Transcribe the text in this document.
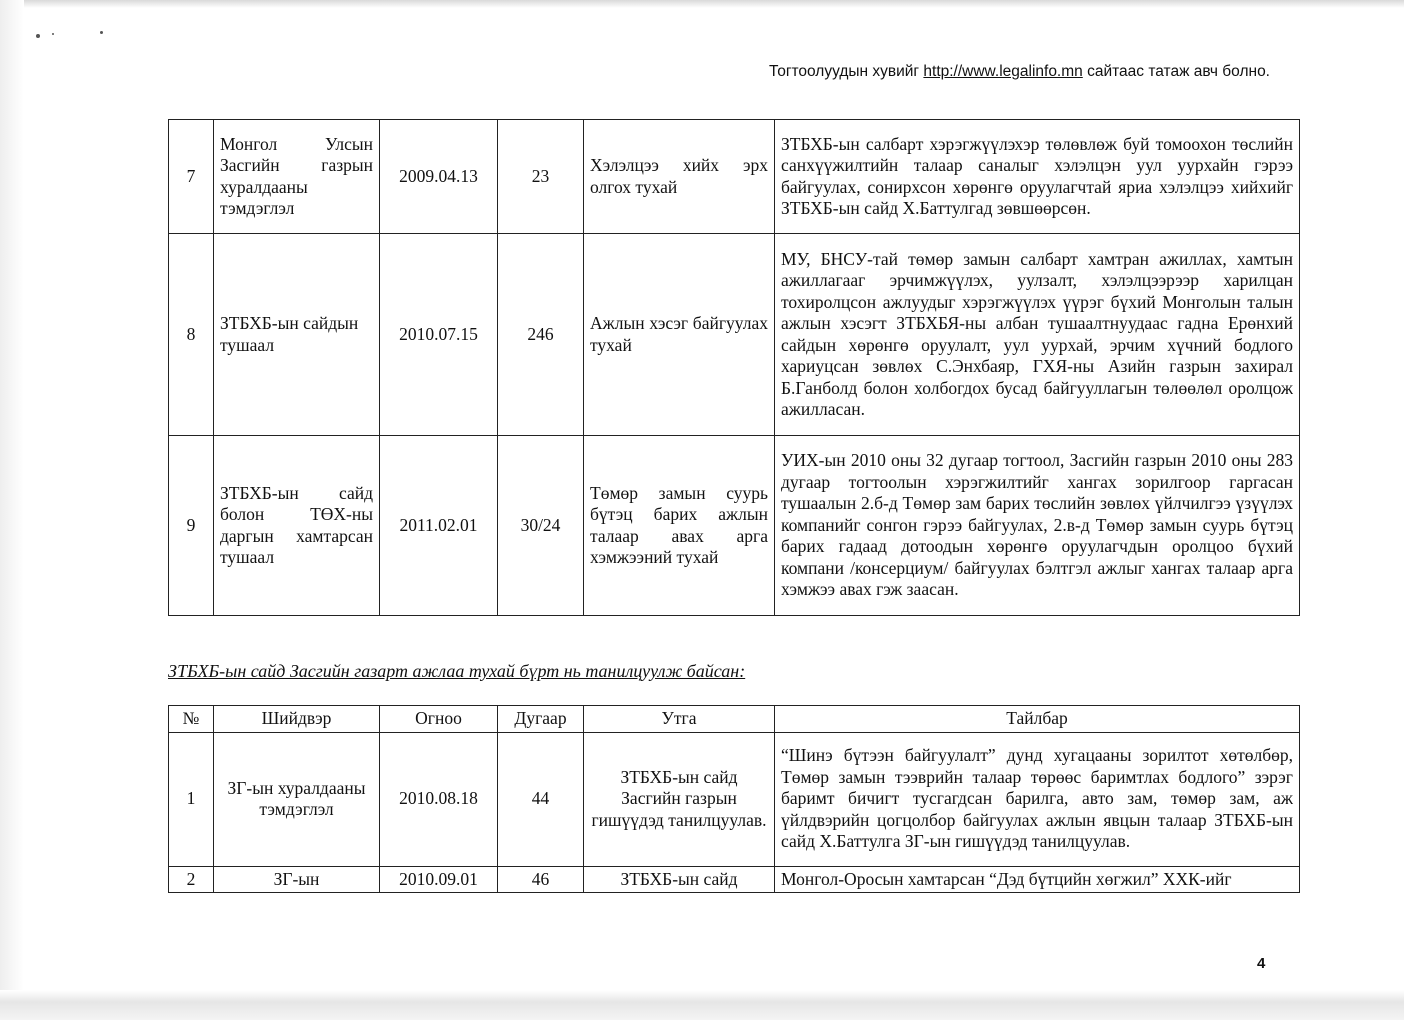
Тогтоолуудын хувийг http://www.legalinfo.mn сайтаас татаж авч болно.
7	Монгол Улсын Засгийн газрын хуралдааны тэмдэглэл	2009.04.13	23	Хэлэлцээ хийх эрх олгох тухай	ЗТБХБ-ын салбарт хэрэгжүүлэхэр төлөвлөж буй томоохон төслийн санхүүжилтийн талаар саналыг хэлэлцэн уул уурхайн гэрээ байгуулах, сонирхсон хөрөнгө оруулагчтай яриа хэлэлцээ хийхийг ЗТБХБ-ын сайд Х.Баттулгад зөвшөөрсөн.
8	ЗТБХБ-ын сайдын тушаал	2010.07.15	246	Ажлын хэсэг байгуулах тухай	МУ, БНСУ-тай төмөр замын салбарт хамтран ажиллах, хамтын ажиллагааг эрчимжүүлэх, уулзалт, хэлэлцээрээр харилцан тохиролцсон ажлуудыг хэрэгжүүлэх үүрэг бүхий Монголын талын ажлын хэсэгт ЗТБХБЯ-ны албан тушаалтнуудаас гадна Ерөнхий сайдын хөрөнгө оруулалт, уул уурхай, эрчим хүчний бодлого хариуцсан зөвлөх С.Энхбаяр, ГХЯ-ны Азийн газрын захирал Б.Ганболд болон холбогдох бусад байгууллагын төлөөлөл оролцож ажилласан.
9	ЗТБХБ-ын сайд болон ТӨХ-ны даргын хамтарсан тушаал	2011.02.01	30/24	Төмөр замын суурь бүтэц барих ажлын талаар авах арга хэмжээний тухай	УИХ-ын 2010 оны 32 дугаар тогтоол, Засгийн газрын 2010 оны 283 дугаар тогтоолын хэрэгжилтийг хангах зорилгоор гаргасан тушаалын 2.б-д Төмөр зам барих төслийн зөвлөх үйлчилгээ үзүүлэх компанийг сонгон гэрээ байгуулах, 2.в-д Төмөр замын суурь бүтэц барих гадаад дотоодын хөрөнгө оруулагчдын оролцоо бүхий компани /консерциум/ байгуулах бэлтгэл ажлыг хангах талаар арга хэмжээ авах гэж заасан.
ЗТБХБ-ын сайд Засгийн газарт ажлаа тухай бүрт нь танилцуулж байсан:
№	Шийдвэр	Огноо	Дугаар	Утга	Тайлбар
1	ЗГ-ын хуралдааны тэмдэглэл	2010.08.18	44	ЗТБХБ-ын сайд Засгийн газрын гишүүдэд танилцуулав.	“Шинэ бүтээн байгуулалт” дунд хугацааны зорилтот хөтөлбөр, Төмөр замын тээврийн талаар төрөөс баримтлах бодлого” зэрэг баримт бичигт тусгагдсан барилга, авто зам, төмөр зам, аж үйлдвэрийн цогцолбор байгуулах ажлын явцын талаар ЗТБХБ-ын сайд Х.Баттулга ЗГ-ын гишүүдэд танилцуулав.
2	ЗГ-ын	2010.09.01	46	ЗТБХБ-ын сайд	Монгол-Оросын хамтарсан “Дэд бүтцийн хөгжил” ХХК-ийг
4
